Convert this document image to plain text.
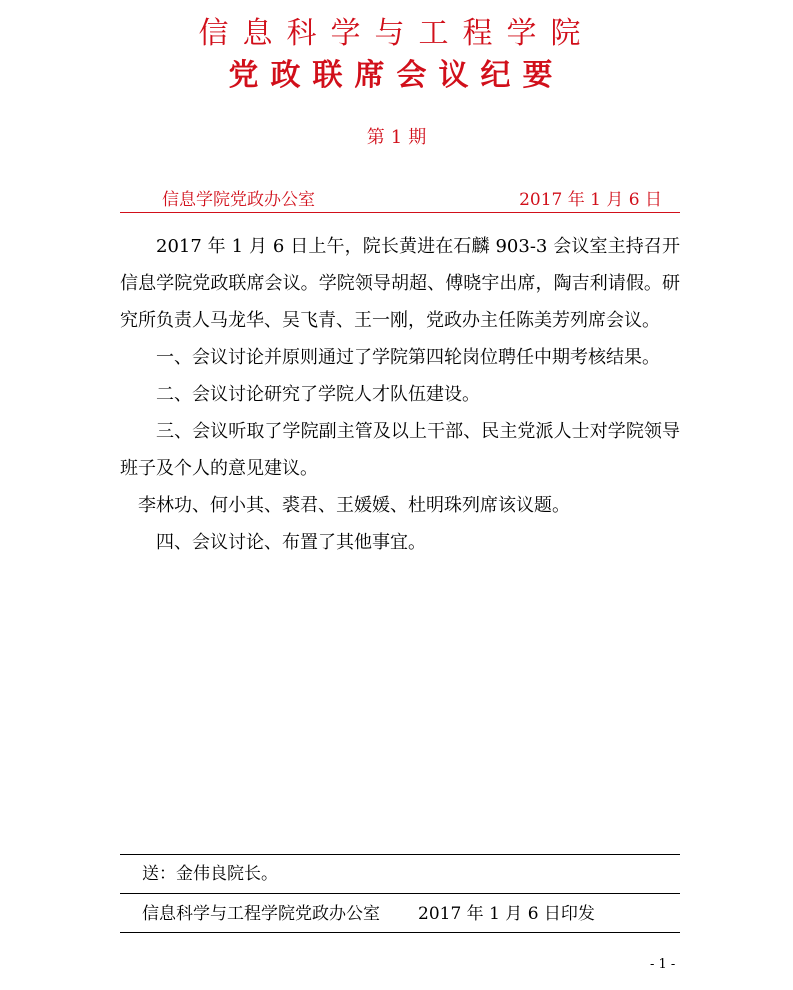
信息科学与工程学院
党政联席会议纪要
第 1 期
信息学院党政办公室	2017 年 1 月 6 日

2017 年 1 月 6 日上午，院长黄进在石麟 903-3 会议室主持召开信息学院党政联席会议。学院领导胡超、傅晓宇出席，陶吉利请假。研究所负责人马龙华、吴飞青、王一刚，党政办主任陈美芳列席会议。

一、会议讨论并原则通过了学院第四轮岗位聘任中期考核结果。

二、会议讨论研究了学院人才队伍建设。

三、会议听取了学院副主管及以上干部、民主党派人士对学院领导班子及个人的意见建议。

李林功、何小其、裘君、王媛媛、杜明珠列席该议题。

四、会议讨论、布置了其他事宜。

送：金伟良院长。
信息科学与工程学院党政办公室 2017 年 1 月 6 日印发
- 1 -
